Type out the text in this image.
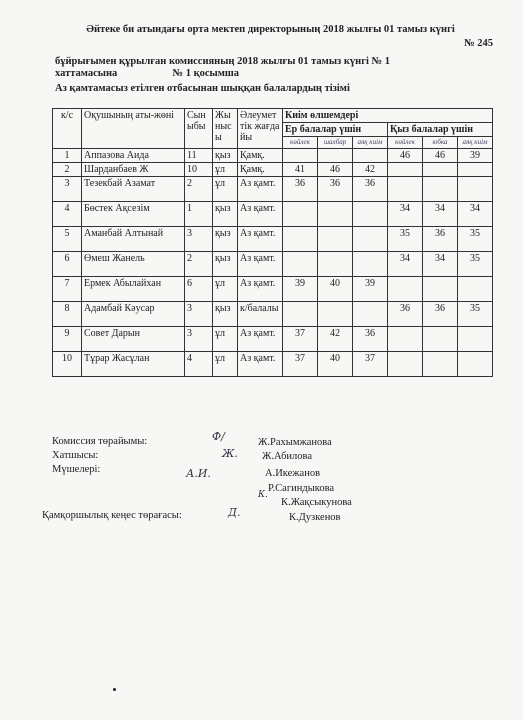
Әйтеке би атындағы орта мектеп директорының 2018 жылғы 01 тамыз күнгі
№ 245
бұйрығымен құрылған комиссияның 2018 жылғы 01 тамыз күнгі № 1
хаттамасына	№ 1 қосымша
Аз қамтамасыз етілген отбасынан шыққан балалардың тізімі
к/с	Оқушының аты-жөні	Сыныбы	Жынысы	Әлеуметтік жағдайы	Киім өлшемдері					
					Ер балалар үшін			Қыз балалар үшін		
					көйлек	шалбар	аяқ киім	көйлек	юбка	аяқ киім
1	Аппазова Аида	11	қыз	Қамқ.				46	46	39
2	Шарданбаев Ж	10	ұл	Қамқ.	41	46	42			
3	Тезекбай Азамат	2	ұл	Аз қамт.	36	36	36			
4	Бөстек Ақсезім	1	қыз	Аз қамт.				34	34	34
5	Аманбай Алтынай	3	қыз	Аз қамт.				35	36	35
6	Өмеш Жанель	2	қыз	Аз қамт.				34	34	35
7	Ермек Абылайхан	6	ұл	Аз қамт.	39	40	39			
8	Адамбай Кәусар	3	қыз	к/балалы				36	36	35
9	Совет Дарын	3	ұл	Аз қамт.	37	42	36			
10	Тұрар Жасұлан	4	ұл	Аз қамт.	37	40	37			
Комиссия төрайымы:	Ф/	Ж.Рахымжанова
Хатшысы:	Ж. Ж.Абилова
Мүшелері:	А.И.	А.Икежанов
Р.Сагиндыкова
К.
К.Жақсыкунова
Қамқоршылық кеңес төрағасы:	Д.	К.Дузкенов
